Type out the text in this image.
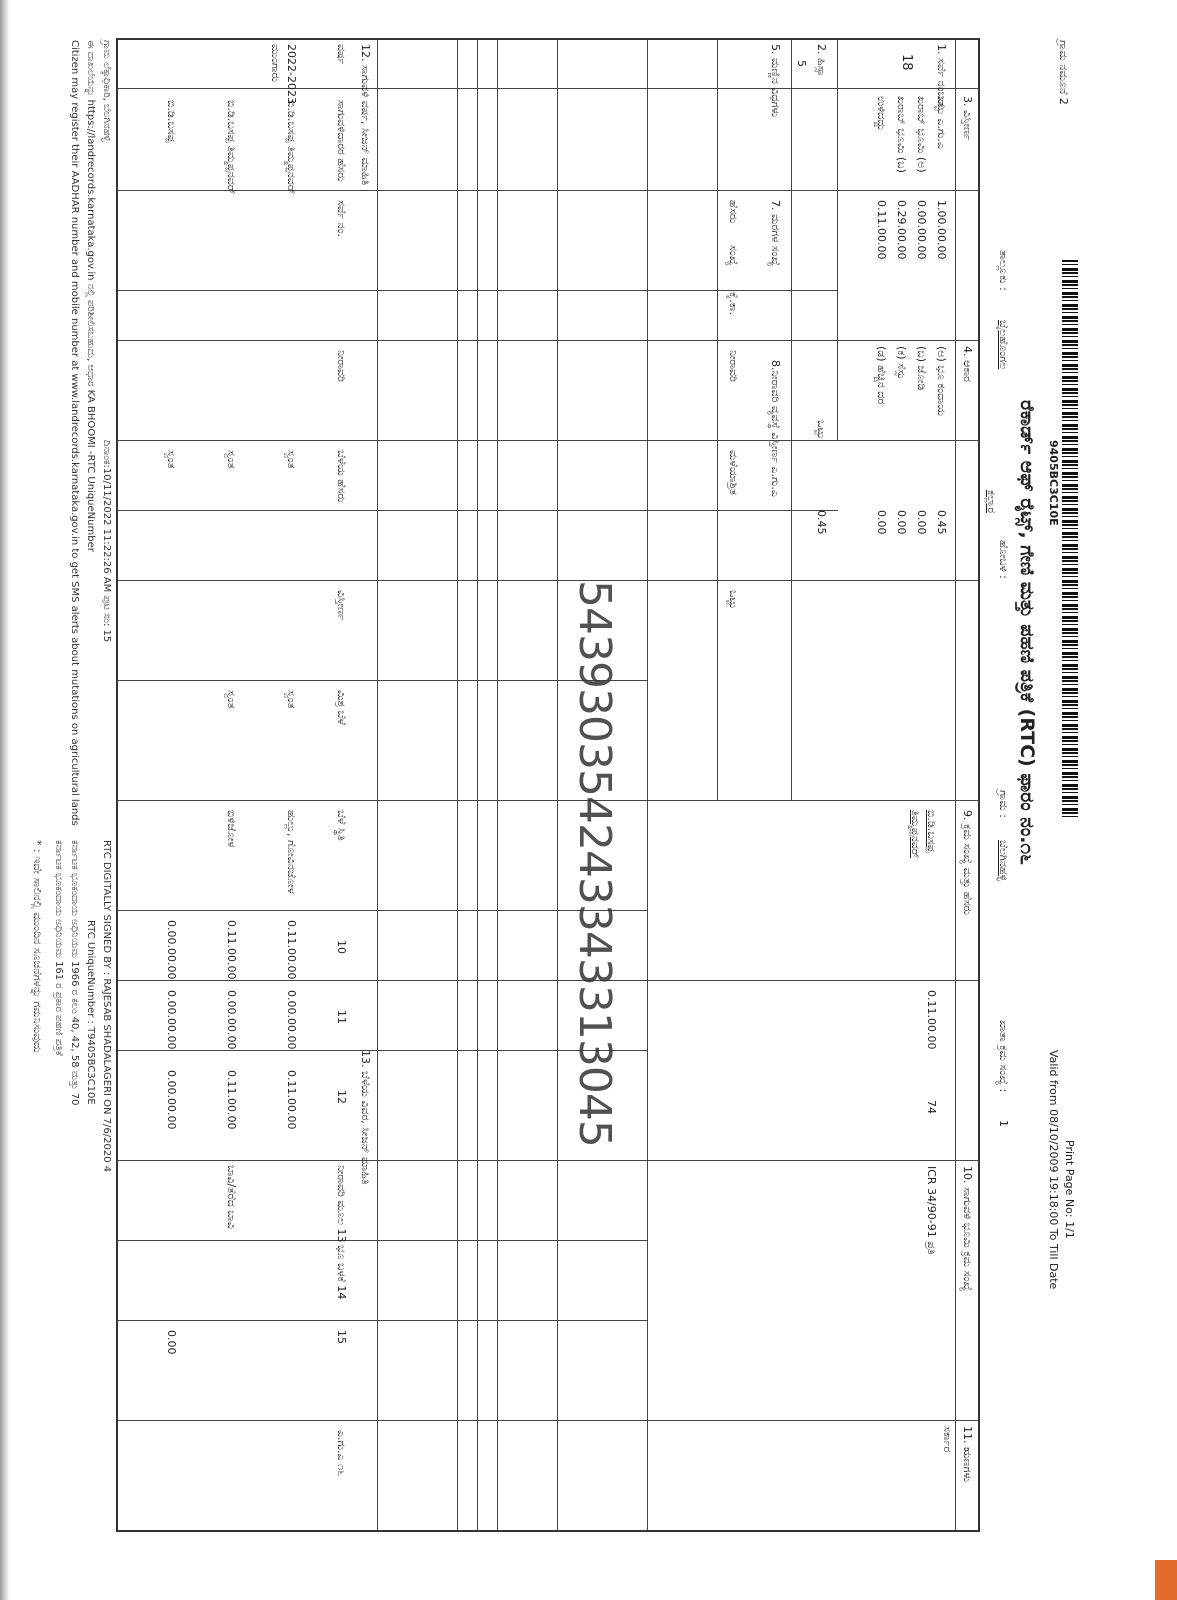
9405BC3C10E
ಗ್ರಾಮ ನಮೂನೆ 2
ರೆಕಾರ್ಡ್ ಆಫ್ ರೈಟ್ಸ್, ಗೇಣಿ ಮತ್ತು ಪಹಣಿ ಪತ್ರಿಕೆ (RTC) ಫಾರಂ ನಂ.೧೬
Print Page No: 1/1
Valid from 08/10/2009 19:18:00 To Till Date
ತಾಲ್ಲೂಕು :
ಬೈಲಹೊಂಗಲ
ಹೋಬಳಿ :
ಕಲ್ಲಾರ
ಗ್ರಾಮ :
ಬೆಲಗಿನಹಳ್ಳಿ
ಖಾತಾ ಕ್ರಮ ಸಂಖ್ಯೆ :
1
1. ಸರ್ವೆ ನಂಬರ್
18
2. ಹಿಸ್ಸಾ
5
3. ವಿಸ್ತೀರ್ಣ
ಒಟ್ಟು ಎ.ಗು.ಎ
ಖರಾಬ್ ಭೂಮಿ (ಅ)
ಖರಾಬ್ ಭೂಮಿ (ಬ)
ಉಳಿದದ್ದು
1.00.00.00
0.00.00.00
0.29.00.00
0.11.00.00
4. ಆಕಾರ
(ಅ) ಭೂ ಕಂದಾಯ
(ಬ) ಜೋಡಿ
(ಕ) ಸೆಸ್ಸು
(ಡ) ಹೆಚ್ಚಿನ ದರ
0.45
0.00
0.00
0.00
ಒಟ್ಟು
0.45
5. ಮಣ್ಣಿನ ವಿಧಗಳು
7. ಮರಗಳ ಸಂಖ್ಯೆ
8.ನೀರಾವರಿ ವ್ಯವಸ್ಥೆ ವಿಸ್ತೀರ್ಣ ಎ.ಗು.ಎ
ಹೆಸರು
ಸಂಖ್ಯೆ
ಕೈ.ಕಾ.
ನೀರಾವರಿ
ಮಳೆಯಾಶ್ರಿತ
ಒಟ್ಟು
9. ಕ್ರಮ ಸಂಖ್ಯೆ ಮತ್ತು ಹೆಸರು
ಬಿ.ಡಿ.ಬಸಪ್ಪ
ತಿಮ್ಮಪ್ಪನವರ್
0.11.00.00
74
10. ಸಾಗುವಳಿ ಭೂಮಿ ಕ್ರಮ ಸಂಖ್ಯೆ
ICR 34/90-91 ಪ್ರತಿ
11. ಋಣಗಳು
ಸರ್ಕಾರ
12. ಸಾಗುವಳಿ ವರ್ಷ, ಸೀಜನ್ ಮಾಹಿತಿ
13. ಬೆಳೆಯ ವಿವರ, ಸೀಜನ್ ಮಾಹಿತಿ
ವರ್ಷ
ಸಾಗುವಳಿದಾರರ ಹೆಸರು
ಸರ್ವೆ ನಂ.
ನೀರಾವರಿ
ಬೆಳೆಯ ಹೆಸರು
ವಿಸ್ತೀರ್ಣ
ಮಿಶ್ರ ಬೆಳೆ
ಬೆಳೆ ಸ್ಥಿತಿ
10
11
12
ನೀರಾವರಿ ಮೂಲ 13
ಭೂ ಬಳಕೆ 14
15
ಎ.ಗು.ಎ ೧೬
2022-2023
ಮುಂಗಾರು
ಬಿ.ಡಿ.ಬಸಪ್ಪ ತಿಮ್ಮಪ್ಪನವರ್
ಸ್ವಂತ
ಸ್ವಂತ
ಹುಲ್ಲು, ಗೋವಿನಜೋಳ
0.11.00.00
0.00.00.00
0.11.00.00
ಬಿ.ಡಿ.ಬಸಪ್ಪ ತಿಮ್ಮಪ್ಪನವರ್
ಸ್ವಂತ
ಸ್ವಂತ
ಬಿಳಿಜೋಳ
0.11.00.00
0.00.00.00
0.11.00.00
ಬಾವಿ/ತೆರೆದ ಬಾವಿ
ಬಿ.ಡಿ.ಬಸಪ್ಪ
ಸ್ವಂತ
0.00.00.00
0.00.00.00
0.00.00.00
0.00
543930354243343313045
ಗ್ರಾಮ ಲೆಕ್ಕಾಧಿಕಾರಿ, ಬೆಲಗಿನಹಳ್ಳಿ
ಈ ದಾಖಲೆಯನ್ನು https://landrecords.karnataka.gov.in ನಲ್ಲಿ ಪರಿಶೀಲಿಸಬಹುದು, ಆಧಾರ KA BHOOMI -RTC UniqueNumber
Citizen may register their AADHAR number and mobile number at www.landrecords.karnataka.gov.in to get SMS alerts about mutations on agricultural lands ದಿನಾಂಕ:10/11/2022 11:22:26 AM ಪುಟ ಸಂ: 15
RTC DIGITALLY SIGNED BY : RAJESAB SHADALAGERI ON 7/6/2020 4
RTC UniqueNumber : T9405BC3C10E
ಕರ್ನಾಟಕ ಭೂಕಂದಾಯ ಅಧಿನಿಯಮ 1966 ರ ಕಲಂ 40, 42, 58 ಮತ್ತು 70
ಕರ್ನಾಟಕ ಭೂಕಂದಾಯ ಅಧಿನಿಯಮ 161 ರ ಪ್ರಕಾರ ಪಹಣಿ ಪತ್ರಿಕೆ
* : ಇದೇ ಸಾಲಿನಲ್ಲಿ ಮುಂದಿನ ಸೂಚನೆಗಳನ್ನು ಗಮನಿಸುವುದು
